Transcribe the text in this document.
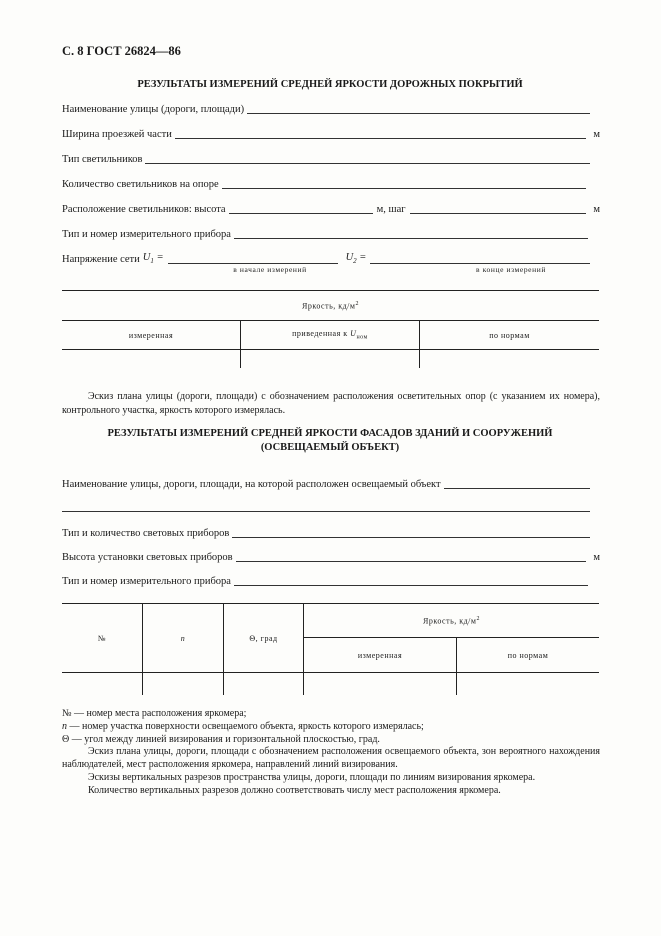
С. 8 ГОСТ 26824—86
РЕЗУЛЬТАТЫ ИЗМЕРЕНИЙ СРЕДНЕЙ ЯРКОСТИ ДОРОЖНЫХ ПОКРЫТИЙ
Наименование улицы (дороги, площади)
Ширина проезжей части	м
Тип светильников
Количество светильников на опоре
Расположение светильников: высота	м, шаг	м
Тип и номер измерительного прибора
Напряжение сети $U_1$ =	$U_2$ =
в начале измерений	в конце измерений
Яркость, $кд/м^2$
измеренная	приведенная к $U_{ном}$	по нормам

Эскиз плана улицы (дороги, площади) с обозначением расположения осветительных опор (с указанием их номера), контрольного участка, яркость которого измерялась.
РЕЗУЛЬТАТЫ ИЗМЕРЕНИЙ СРЕДНЕЙ ЯРКОСТИ ФАСАДОВ ЗДАНИЙ И СООРУЖЕНИЙ
(ОСВЕЩАЕМЫЙ ОБЪЕКТ)
Наименование улицы, дороги, площади, на которой расположен освещаемый объект
Тип и количество световых приборов
Высота установки световых приборов	м
Тип и номер измерительного прибора
№	n	Θ, град	Яркость, $кд/м^2$
			измеренная	по нормам

№ — номер места расположения яркомера;
n — номер участка поверхности освещаемого объекта, яркость которого измерялась;
Θ — угол между линией визирования и горизонтальной плоскостью, град.
Эскиз плана улицы, дороги, площади с обозначением расположения освещаемого объекта, зон вероятного нахождения наблюдателей, мест расположения яркомера, направлений линий визирования.
Эскизы вертикальных разрезов пространства улицы, дороги, площади по линиям визирования яркомера.
Количество вертикальных разрезов должно соответствовать числу мест расположения яркомера.
